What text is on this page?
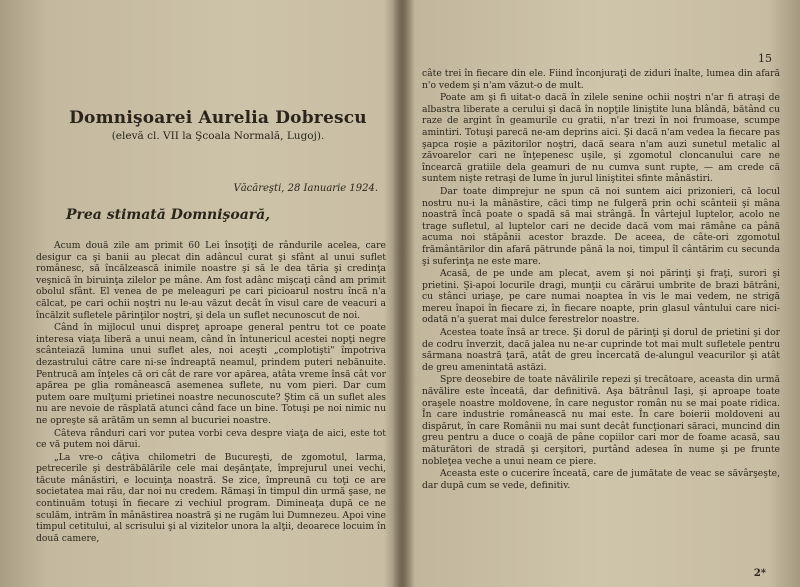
Domnişoarei Aurelia Dobrescu
(elevă cl. VII la Şcoala Normală, Lugoj).
Văcăreşti, 28 Ianuarie 1924.
Prea stimată Domnişoară,

Acum două zile am primit 60 Lei însoţiţi de rândurile acelea, care desigur ca şi banii au plecat din adâncul curat şi sfânt al unui suflet românesc, să încălzească inimile noastre şi să le dea tăria şi credinţa veşnică în biruinţa zilelor pe mâne. Am fost adânc mişcaţi când am primit obolul sfânt. El venea de pe meleaguri pe cari picioarul nostru încă n'a călcat, pe cari ochii noştri nu le-au văzut decât în visul care de veacuri a încălzit sufletele părinţilor noştri, şi dela un suflet necunoscut de noi.

Când în mijlocul unui dispreţ aproape general pentru tot ce poate interesa viaţa liberă a unui neam, când în întunericul acestei nopţi negre scânteiază lumina unui suflet ales, noi aceşti „complotişti" împotriva dezastrului către care ni-se îndreaptă neamul, prindem puteri nebănuite. Pentrucă am înţeles că ori cât de rare vor apărea, atâta vreme însă cât vor apărea pe glia românească asemenea suflete, nu vom pieri. Dar cum putem oare mulţumi prietinei noastre necunoscute? Ştim că un suflet ales nu are nevoie de răsplată atunci când face un bine. Totuşi pe noi nimic nu ne opreşte să arătăm un semn al bucuriei noastre.

Câteva rânduri cari vor putea vorbi ceva despre viaţa de aici, este tot ce vă putem noi dărui.

„La vre-o câţiva chilometri de Bucureşti, de zgomotul, larma, petrecerile şi destrăbălările cele mai deşănţate, împrejurul unei vechi, tăcute mânăstiri, e locuinţa noastră. Se zice, împreună cu toţi ce are societatea mai rău, dar noi nu credem. Rămaşi în timpul din urmă şase, ne continuăm totuşi în fiecare zi vechiul program. Dimineaţa după ce ne sculăm, intrăm în mânăstirea noastră şi ne rugăm lui Dumnezeu. Apoi vine timpul cetitului, al scrisului şi al vizitelor unora la alţii, deoarece locuim în două camere,

15

câte trei în fiecare din ele. Fiind înconjuraţi de ziduri înalte, lumea din afară n'o vedem şi n'am văzut-o de mult.

Poate am şi fi uitat-o dacă în zilele senine ochii noştri n'ar fi atraşi de albastra liberate a cerului şi dacă în nopţile liniştite luna blândă, bătând cu raze de argint în geamurile cu gratii, n'ar trezi în noi frumoase, scumpe amintiri. Totuşi parecă ne-am deprins aici. Şi dacă n'am vedea la fiecare pas şapca roşie a păzitorilor noştri, dacă seara n'am auzi sunetul metalic al zăvoarelor cari ne înţepenesc uşile, şi zgomotul cloncanului care ne încearcă gratiile dela geamuri de nu cumva sunt rupte, — am crede că suntem nişte retraşi de lume în jurul liniştitei sfinte mânăstiri.

Dar toate dimprejur ne spun că noi suntem aici prizonieri, că locul nostru nu-i la mânăstire, căci timp ne fulgeră prin ochi scânteii şi mâna noastră încă poate o spadă să mai strângă. În vârtejul luptelor, acolo ne trage sufletul, al luptelor cari ne decide dacă vom mai rămâne ca până acuma noi stăpânii acestor brazde. De aceea, de câte-ori zgomotul frământărilor din afară pătrunde până la noi, timpul îl cântărim cu secunda şi suferinţa ne este mare.

Acasă, de pe unde am plecat, avem şi noi părinţi şi fraţi, surori şi prietini. Şi-apoi locurile dragi, munţii cu cărărui umbrite de brazi bătrâni, cu stânci uriaşe, pe care numai noaptea în vis le mai vedem, ne strigă mereu înapoi în fiecare zi, în fiecare noapte, prin glasul vântului care nici-odată n'a şuerat mai dulce ferestrelor noastre.

Acestea toate însă ar trece. Şi dorul de părinţi şi dorul de prietini şi dor de codru înverzit, dacă jalea nu ne-ar cuprinde tot mai mult sufletele pentru sărmana noastră ţară, atât de greu încercată de-alungul veacurilor şi atât de greu amenintată astăzi.

Spre deosebire de toate năvălirile repezi şi trecătoare, aceasta din urmă năvălire este înceată, dar definitivă. Aşa bătrânul Iaşi, şi aproape toate oraşele noastre moldovene, în care negustor român nu se mai poate ridica. În care industrie românească nu mai este. În care boierii moldoveni au dispărut, în care Românii nu mai sunt decât funcţionari săraci, muncind din greu pentru a duce o coajă de pâne copiilor cari mor de foame acasă, sau măturători de stradă şi cerşitori, purtând adesea în nume şi pe frunte nobleţea veche a unui neam ce piere.

Aceasta este o cucerire înceată, care de jumătate de veac se săvârşeşte, dar după cum se vede, definitiv.

2*
